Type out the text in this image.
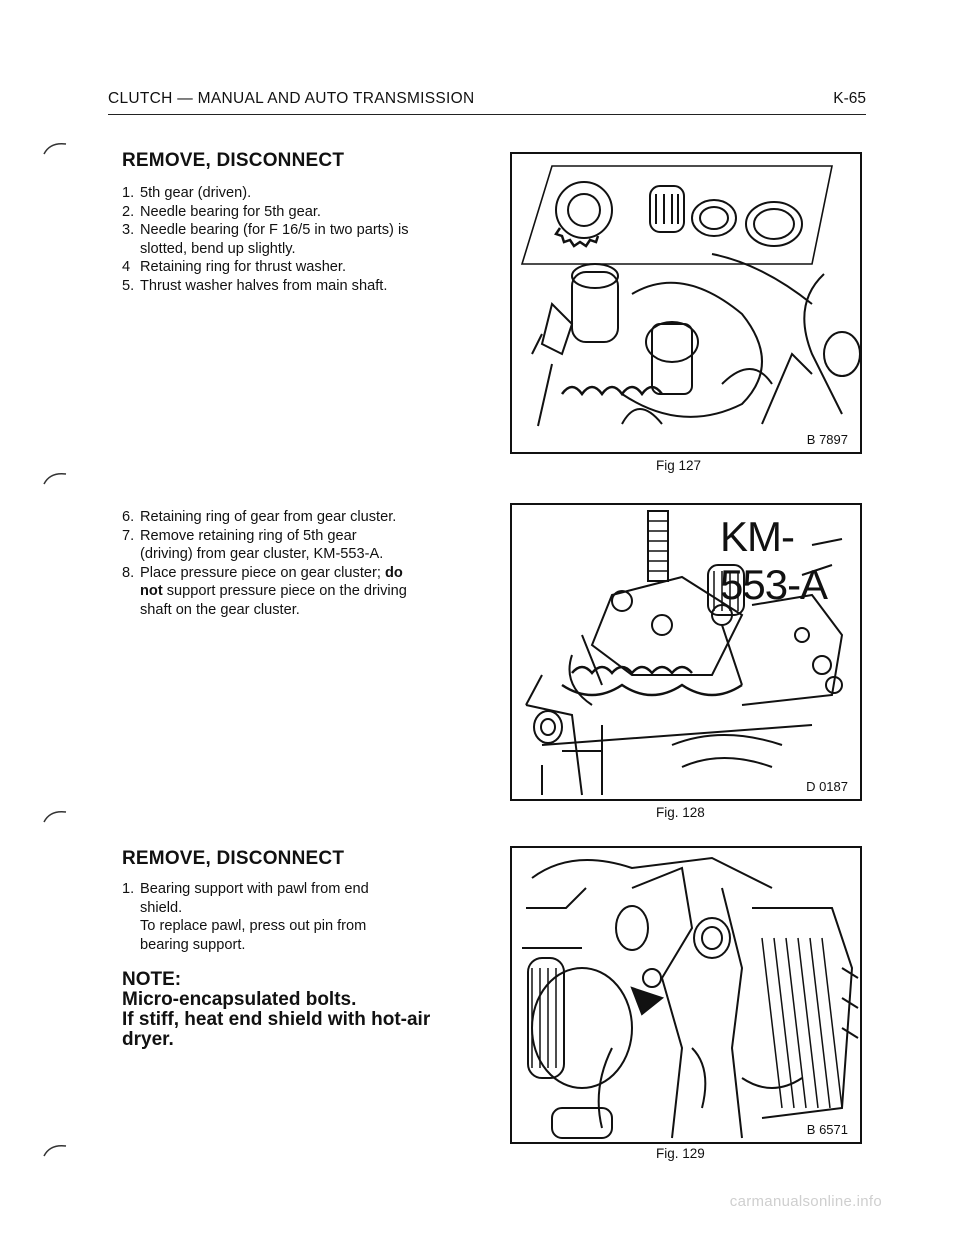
CLUTCH — MANUAL AND AUTO TRANSMISSION	K-65
REMOVE, DISCONNECT
1. 5th gear (driven).
2. Needle bearing for 5th gear.
3. Needle bearing (for F 16/5 in two parts) is
slotted, bend up slightly.
4 Retaining ring for thrust washer.
5. Thrust washer halves from main shaft.
6. Retaining ring of gear from gear cluster.
7. Remove retaining ring of 5th gear
(driving) from gear cluster, KM-553-A.
8. Place pressure piece on gear cluster; do
not support pressure piece on the driving
shaft on the gear cluster.
REMOVE, DISCONNECT
1. Bearing support with pawl from end
shield.
To replace pawl, press out pin from
bearing support.
NOTE:
Micro-encapsulated bolts.
If stiff, heat end shield with hot-air
dryer.
B 7897
Fig 127
KM-553-A
D 0187
Fig. 128
B 6571
Fig. 129
carmanualsonline.info
